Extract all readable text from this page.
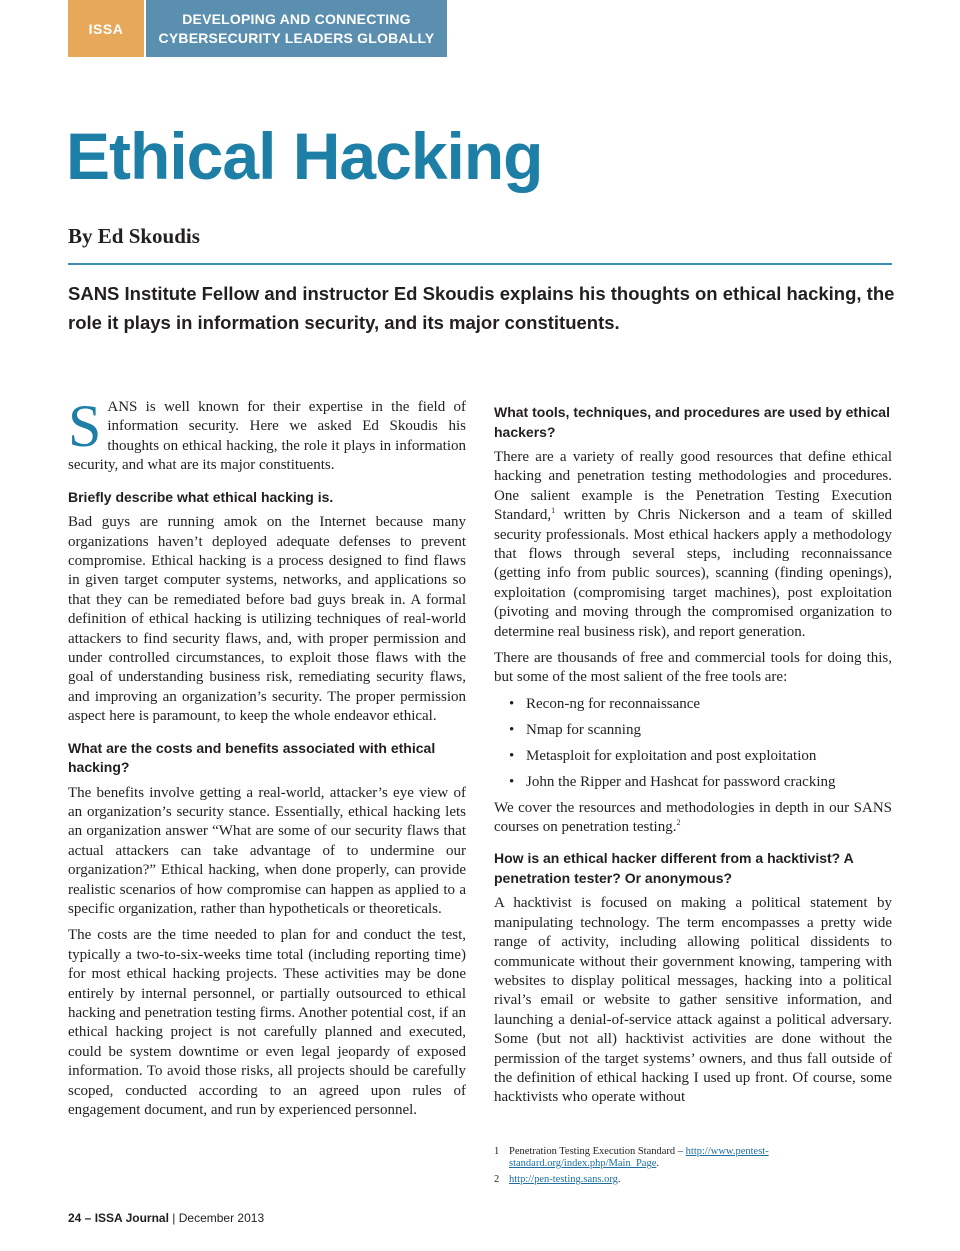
ISSA
DEVELOPING AND CONNECTING
CYBERSECURITY LEADERS GLOBALLY
Ethical Hacking
By Ed Skoudis
SANS Institute Fellow and instructor Ed Skoudis explains his thoughts on ethical hacking, the role it plays in information security, and its major constituents.

SANS is well known for their expertise in the field of information security. Here we asked Ed Skoudis his thoughts on ethical hacking, the role it plays in information security, and what are its major constituents.

Briefly describe what ethical hacking is.

Bad guys are running amok on the Internet because many organizations haven’t deployed adequate defenses to prevent compromise. Ethical hacking is a process designed to find flaws in given target computer systems, networks, and applications so that they can be remediated before bad guys break in. A formal definition of ethical hacking is utilizing techniques of real-world attackers to find security flaws, and, with proper permission and under controlled circumstances, to exploit those flaws with the goal of understanding business risk, remediating security flaws, and improving an organization’s security. The proper permission aspect here is paramount, to keep the whole endeavor ethical.

What are the costs and benefits associated with ethical hacking?

The benefits involve getting a real-world, attacker’s eye view of an organization’s security stance. Essentially, ethical hacking lets an organization answer “What are some of our security flaws that actual attackers can take advantage of to undermine our organization?” Ethical hacking, when done properly, can provide realistic scenarios of how compromise can happen as applied to a specific organization, rather than hypotheticals or theoreticals.

The costs are the time needed to plan for and conduct the test, typically a two-to-six-weeks time total (including reporting time) for most ethical hacking projects. These activities may be done entirely by internal personnel, or partially outsourced to ethical hacking and penetration testing firms. Another potential cost, if an ethical hacking project is not carefully planned and executed, could be system downtime or even legal jeopardy of exposed information. To avoid those risks, all projects should be carefully scoped, conducted according to an agreed upon rules of engagement document, and run by experienced personnel.

What tools, techniques, and procedures are used by ethical hackers?

There are a variety of really good resources that define ethical hacking and penetration testing methodologies and procedures. One salient example is the Penetration Testing Execution Standard,$^1$ written by Chris Nickerson and a team of skilled security professionals. Most ethical hackers apply a methodology that flows through several steps, including reconnaissance (getting info from public sources), scanning (finding openings), exploitation (compromising target machines), post exploitation (pivoting and moving through the compromised organization to determine real business risk), and report generation.

There are thousands of free and commercial tools for doing this, but some of the most salient of the free tools are:

• Recon-ng for reconnaissance
• Nmap for scanning
• Metasploit for exploitation and post exploitation
• John the Ripper and Hashcat for password cracking

We cover the resources and methodologies in depth in our SANS courses on penetration testing.$^2$

How is an ethical hacker different from a hacktivist? A penetration tester? Or anonymous?

A hacktivist is focused on making a political statement by manipulating technology. The term encompasses a pretty wide range of activity, including allowing political dissidents to communicate without their government knowing, tampering with websites to display political messages, hacking into a political rival’s email or website to gather sensitive information, and launching a denial-of-service attack against a political adversary. Some (but not all) hacktivist activities are done without the permission of the target systems’ owners, and thus fall outside of the definition of ethical hacking I used up front. Of course, some hacktivists who operate without

1 Penetration Testing Execution Standard – http://www.pentest-standard.org/index.php/Main_Page.
2 http://pen-testing.sans.org.
24 – ISSA Journal | December 2013
